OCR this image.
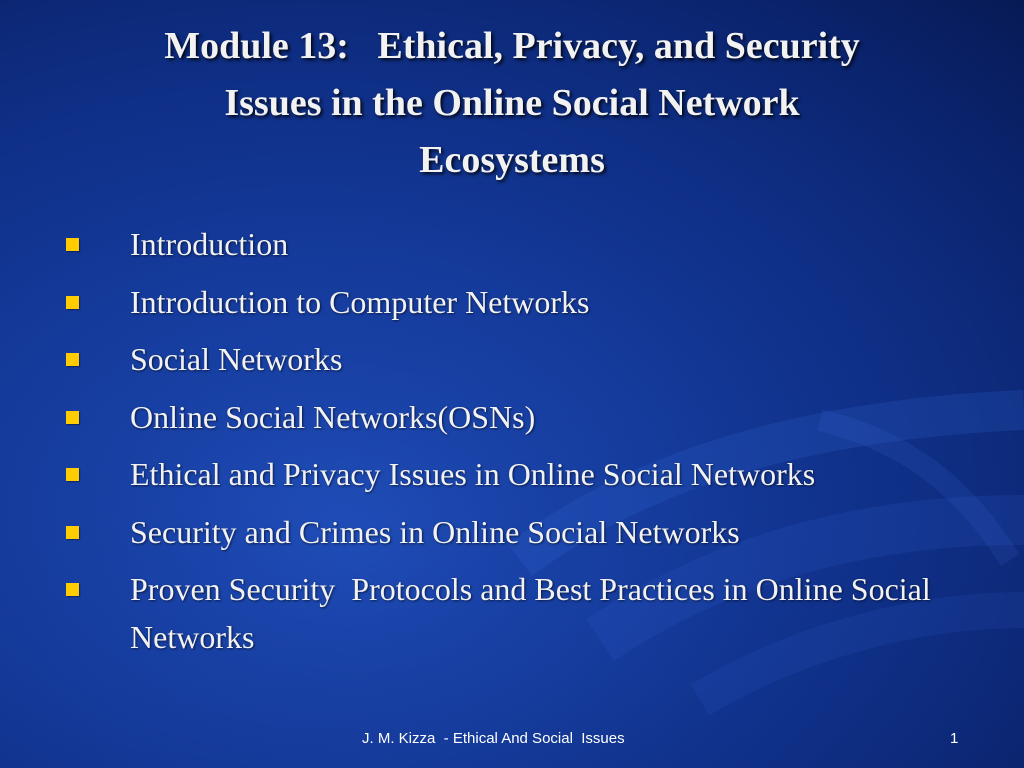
Module 13:   Ethical, Privacy, and Security
Issues in the Online Social Network
Ecosystems
Introduction
Introduction to Computer Networks
Social Networks
Online Social Networks(OSNs)
Ethical and Privacy Issues in Online Social Networks
Security and Crimes in Online Social Networks
Proven Security  Protocols and Best Practices in Online Social Networks
J. M. Kizza  - Ethical And Social  Issues	1
